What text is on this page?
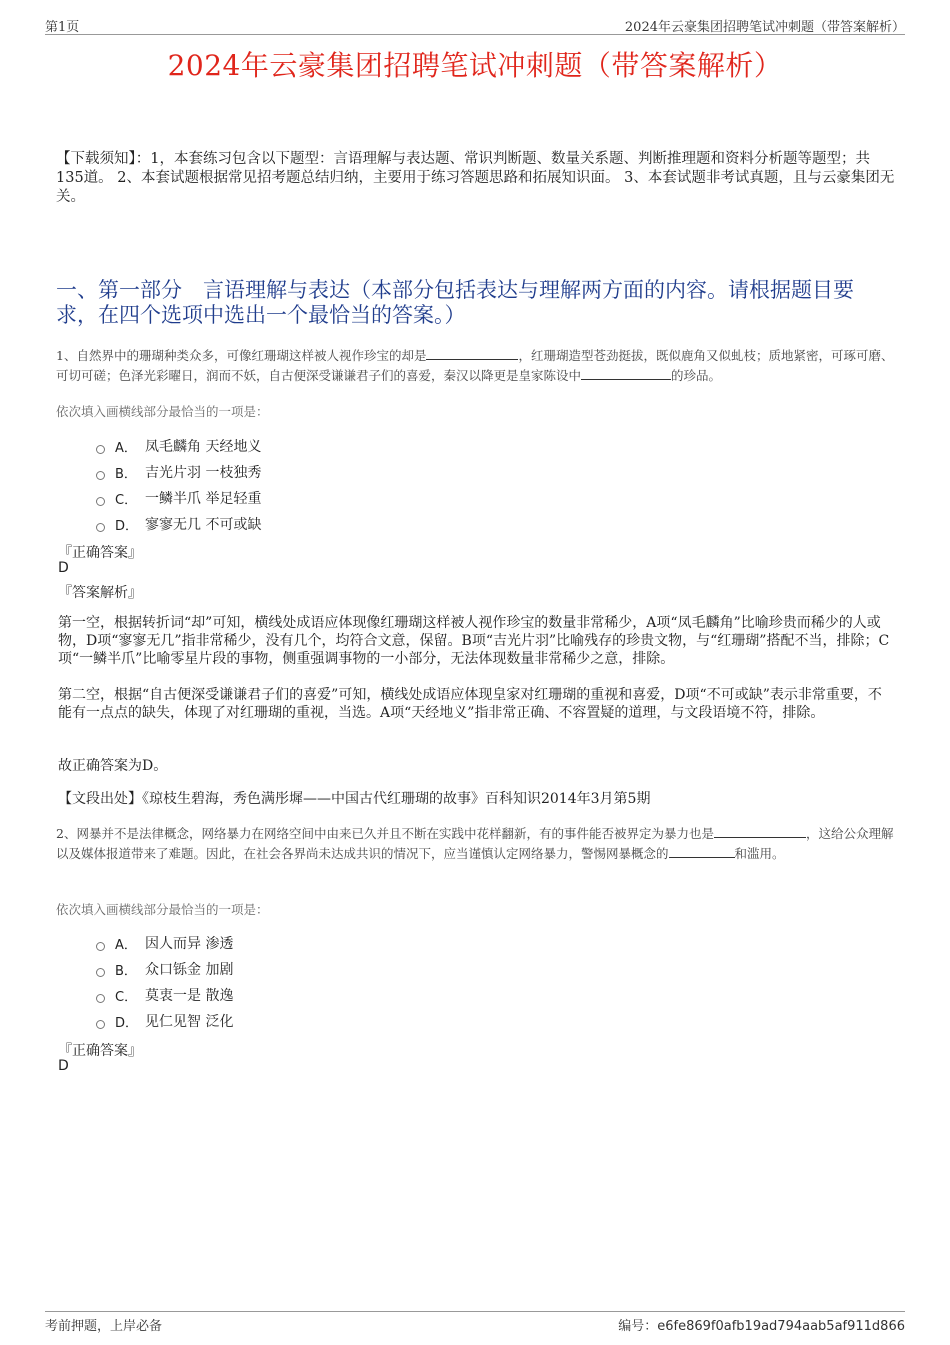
第1页	2024年云豪集团招聘笔试冲刺题（带答案解析）
2024年云豪集团招聘笔试冲刺题（带答案解析）
【下载须知】：1，本套练习包含以下题型：言语理解与表达题、常识判断题、数量关系题、判断推理题和资料分析题等题型；共135道。 2、本套试题根据常见招考题总结归纳，主要用于练习答题思路和拓展知识面。 3、本套试题非考试真题，且与云豪集团无关。
一、第一部分　言语理解与表达（本部分包括表达与理解两方面的内容。请根据题目要求，在四个选项中选出一个最恰当的答案。）
1、自然界中的珊瑚种类众多，可像红珊瑚这样被人视作珍宝的却是	，红珊瑚造型苍劲挺拔，既似鹿角又似虬枝；质地紧密，可琢可磨、可切可磋；色泽光彩曜日，润而不妖，自古便深受谦谦君子们的喜爱，秦汉以降更是皇家陈设中	的珍品。
依次填入画横线部分最恰当的一项是：
A． 凤毛麟角 天经地义
B． 吉光片羽 一枝独秀
C． 一鳞半爪 举足轻重
D． 寥寥无几 不可或缺
『正确答案』
D
『答案解析』
第一空，根据转折词“却”可知，横线处成语应体现像红珊瑚这样被人视作珍宝的数量非常稀少，A项“凤毛麟角”比喻珍贵而稀少的人或物，D项“寥寥无几”指非常稀少，没有几个，均符合文意，保留。B项“吉光片羽”比喻残存的珍贵文物，与“红珊瑚”搭配不当，排除；C项“一鳞半爪”比喻零星片段的事物，侧重强调事物的一小部分，无法体现数量非常稀少之意，排除。
第二空，根据“自古便深受谦谦君子们的喜爱”可知，横线处成语应体现皇家对红珊瑚的重视和喜爱，D项“不可或缺”表示非常重要，不能有一点点的缺失，体现了对红珊瑚的重视，当选。A项“天经地义”指非常正确、不容置疑的道理，与文段语境不符，排除。
故正确答案为D。
【文段出处】《琼枝生碧海，秀色满彤墀——中国古代红珊瑚的故事》百科知识2014年3月第5期
2、网暴并不是法律概念，网络暴力在网络空间中由来已久并且不断在实践中花样翻新，有的事件能否被界定为暴力也是	，这给公众理解以及媒体报道带来了难题。因此，在社会各界尚未达成共识的情况下，应当谨慎认定网络暴力，警惕网暴概念的	和滥用。
依次填入画横线部分最恰当的一项是：
A． 因人而异 渗透
B． 众口铄金 加剧
C． 莫衷一是 散逸
D． 见仁见智 泛化
『正确答案』
D
考前押题，上岸必备	编号：e6fe869f0afb19ad794aab5af911d866
